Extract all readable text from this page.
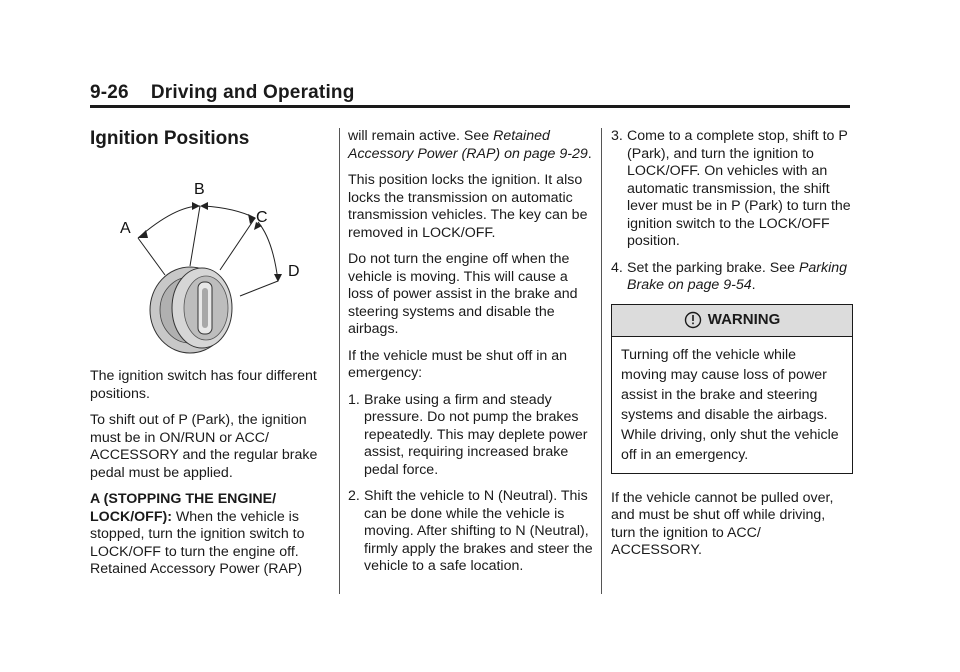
9-26 Driving and Operating
Ignition Positions
A
B
C
D

The ignition switch has four different positions.

To shift out of P (Park), the ignition must be in ON/RUN or ACC/ ACCESSORY and the regular brake pedal must be applied.

A (STOPPING THE ENGINE/ LOCK/OFF): When the vehicle is stopped, turn the ignition switch to LOCK/OFF to turn the engine off. Retained Accessory Power (RAP)

will remain active. See Retained Accessory Power (RAP) on page 9-29.

This position locks the ignition. It also locks the transmission on automatic transmission vehicles. The key can be removed in LOCK/OFF.

Do not turn the engine off when the vehicle is moving. This will cause a loss of power assist in the brake and steering systems and disable the airbags.

If the vehicle must be shut off in an emergency:

1. Brake using a firm and steady pressure. Do not pump the brakes repeatedly. This may deplete power assist, requiring increased brake pedal force.
2. Shift the vehicle to N (Neutral). This can be done while the vehicle is moving. After shifting to N (Neutral), firmly apply the brakes and steer the vehicle to a safe location.
3. Come to a complete stop, shift to P (Park), and turn the ignition to LOCK/OFF. On vehicles with an automatic transmission, the shift lever must be in P (Park) to turn the ignition switch to the LOCK/OFF position.
4. Set the parking brake. See Parking Brake on page 9-54.
WARNING
Turning off the vehicle while moving may cause loss of power assist in the brake and steering systems and disable the airbags. While driving, only shut the vehicle off in an emergency.

If the vehicle cannot be pulled over, and must be shut off while driving, turn the ignition to ACC/ ACCESSORY.
